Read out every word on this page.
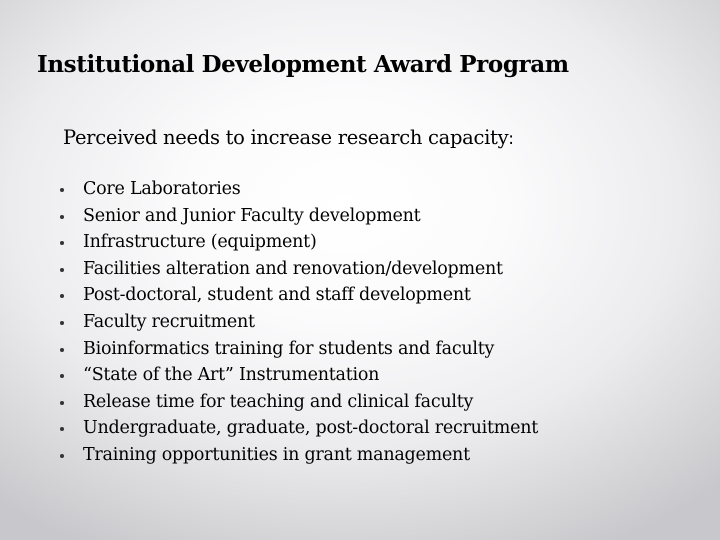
Institutional Development Award Program

Perceived needs to increase research capacity:

Core Laboratories
Senior and Junior Faculty development
Infrastructure (equipment)
Facilities alteration and renovation/development
Post-doctoral, student and staff development
Faculty recruitment
Bioinformatics training for students and faculty
“State of the Art” Instrumentation
Release time for teaching and clinical faculty
Undergraduate, graduate, post-doctoral recruitment
Training opportunities in grant management
